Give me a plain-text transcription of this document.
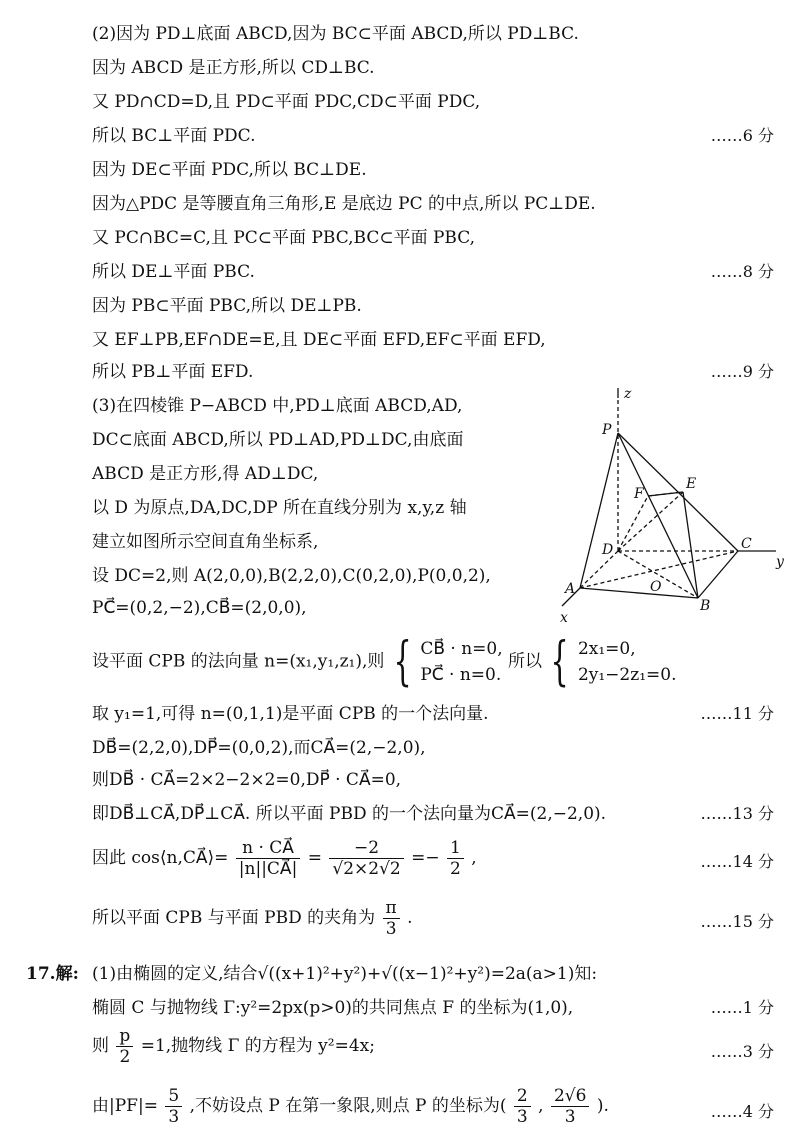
(2)因为 PD⊥底面 ABCD,因为 BC⊂平面 ABCD,所以 PD⊥BC.
因为 ABCD 是正方形,所以 CD⊥BC.
又 PD∩CD=D,且 PD⊂平面 PDC,CD⊂平面 PDC,
所以 BC⊥平面 PDC.	……6 分
因为 DE⊂平面 PDC,所以 BC⊥DE.
因为△PDC 是等腰直角三角形,E 是底边 PC 的中点,所以 PC⊥DE.
又 PC∩BC=C,且 PC⊂平面 PBC,BC⊂平面 PBC,
所以 DE⊥平面 PBC.	……8 分
因为 PB⊂平面 PBC,所以 DE⊥PB.
又 EF⊥PB,EF∩DE=E,且 DE⊂平面 EFD,EF⊂平面 EFD,
所以 PB⊥平面 EFD.	……9 分
(3)在四棱锥 P−ABCD 中,PD⊥底面 ABCD,AD,
DC⊂底面 ABCD,所以 PD⊥AD,PD⊥DC,由底面
ABCD 是正方形,得 AD⊥DC,
以 D 为原点,DA,DC,DP 所在直线分别为 x,y,z 轴
建立如图所示空间直角坐标系,
设 DC=2,则 A(2,0,0),B(2,2,0),C(0,2,0),P(0,0,2),
PC⃗=(0,2,−2),CB⃗=(2,0,0),
z
P
E
F
D	C
y
A	O
B
x
设平面 CPB 的法向量 n=(x₁,y₁,z₁),则 { CB⃗ · n=0,
PC⃗ · n=0.
所以 { 2x₁=0,
2y₁−2z₁=0.
取 y₁=1,可得 n=(0,1,1)是平面 CPB 的一个法向量.	……11 分
DB⃗=(2,2,0),DP⃗=(0,0,2),而CA⃗=(2,−2,0),
则DB⃗ · CA⃗=2×2−2×2=0,DP⃗ · CA⃗=0,
即DB⃗⊥CA⃗,DP⃗⊥CA⃗. 所以平面 PBD 的一个法向量为CA⃗=(2,−2,0).	……13 分
因此 cos⟨n,CA⃗⟩= $\frac{n \cdot CA⃗}{|n||CA⃗|} = \frac{-2}{√2\times 2√2} =- \frac{1}{2}$ ,	……14 分
所以平面 CPB 与平面 PBD 的夹角为 $\frac{\pi}{3}$ .	……15 分
17.解: (1)由椭圆的定义,结合√((x+1)²+y²)+√((x−1)²+y²)=2a(a>1)知:
椭圆 C 与抛物线 Γ:y²=2px(p>0)的共同焦点 F 的坐标为(1,0),	……1 分
则 $\frac{p}{2} =1$,抛物线 Γ 的方程为 y²=4x;	……3 分
由$|PF|= \frac{5}{3}$ ,不妨设点 P 在第一象限,则点 P 的坐标为( $\frac{2}{3}$ , $\frac{2√6}{3}$ ).	……4 分
